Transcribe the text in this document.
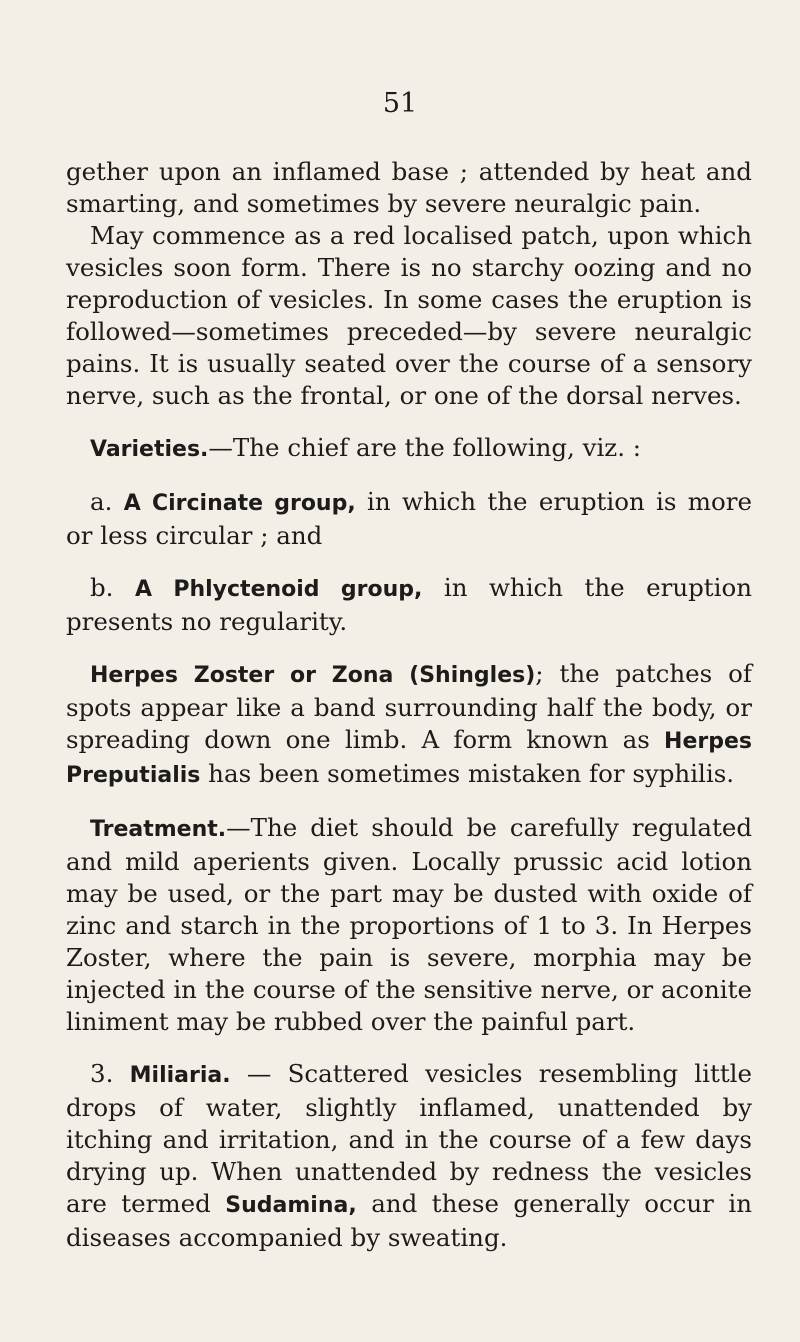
51

gether upon an inflamed base ; attended by heat and smarting, and sometimes by severe neuralgic pain.

May commence as a red localised patch, upon which vesicles soon form. There is no starchy oozing and no reproduction of vesicles. In some cases the eruption is followed—sometimes preceded—by severe neuralgic pains. It is usually seated over the course of a sensory nerve, such as the frontal, or one of the dorsal nerves.

Varieties.—The chief are the following, viz. :

a. A Circinate group, in which the eruption is more or less circular ; and

b. A Phlyctenoid group, in which the eruption presents no regularity.

Herpes Zoster or Zona (Shingles); the patches of spots appear like a band surrounding half the body, or spreading down one limb. A form known as Herpes Preputialis has been sometimes mistaken for syphilis.

Treatment.—The diet should be carefully regulated and mild aperients given. Locally prussic acid lotion may be used, or the part may be dusted with oxide of zinc and starch in the proportions of 1 to 3. In Herpes Zoster, where the pain is severe, morphia may be injected in the course of the sensitive nerve, or aconite liniment may be rubbed over the painful part.

3. Miliaria. — Scattered vesicles resembling little drops of water, slightly inflamed, unattended by itching and irritation, and in the course of a few days drying up. When unattended by redness the vesicles are termed Sudamina, and these generally occur in diseases accompanied by sweating.
